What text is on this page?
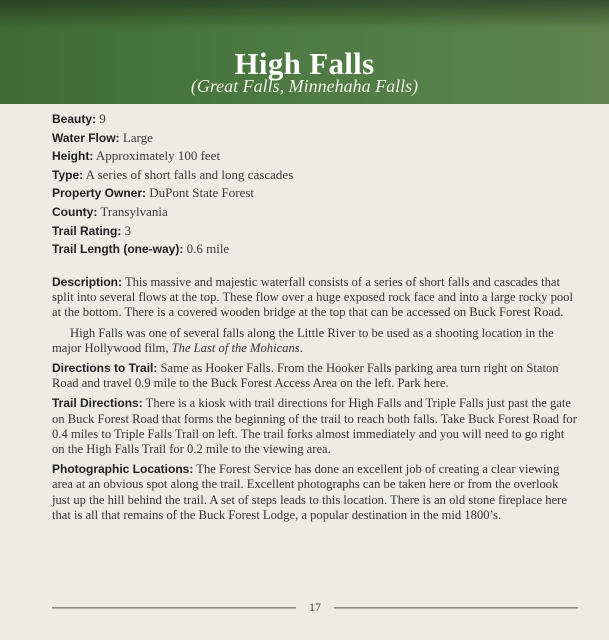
High Falls
(Great Falls, Minnehaha Falls)
Beauty: 9
Water Flow: Large
Height: Approximately 100 feet
Type: A series of short falls and long cascades
Property Owner: DuPont State Forest
County: Transylvania
Trail Rating: 3
Trail Length (one-way): 0.6 mile

Description: This massive and majestic waterfall consists of a series of short falls and cascades that split into several flows at the top. These flow over a huge exposed rock face and into a large rocky pool at the bottom. There is a covered wooden bridge at the top that can be accessed on Buck Forest Road.

High Falls was one of several falls along the Little River to be used as a shooting location in the major Hollywood film, The Last of the Mohicans.

Directions to Trail: Same as Hooker Falls. From the Hooker Falls parking area turn right on Staton Road and travel 0.9 mile to the Buck Forest Access Area on the left. Park here.

Trail Directions: There is a kiosk with trail directions for High Falls and Triple Falls just past the gate on Buck Forest Road that forms the beginning of the trail to reach both falls. Take Buck Forest Road for 0.4 miles to Triple Falls Trail on left. The trail forks almost immediately and you will need to go right on the High Falls Trail for 0.2 mile to the viewing area.

Photographic Locations: The Forest Service has done an excellent job of creating a clear viewing area at an obvious spot along the trail. Excellent photographs can be taken here or from the overlook just up the hill behind the trail. A set of steps leads to this location. There is an old stone fireplace here that is all that remains of the Buck Forest Lodge, a popular destination in the mid 1800’s.

17
